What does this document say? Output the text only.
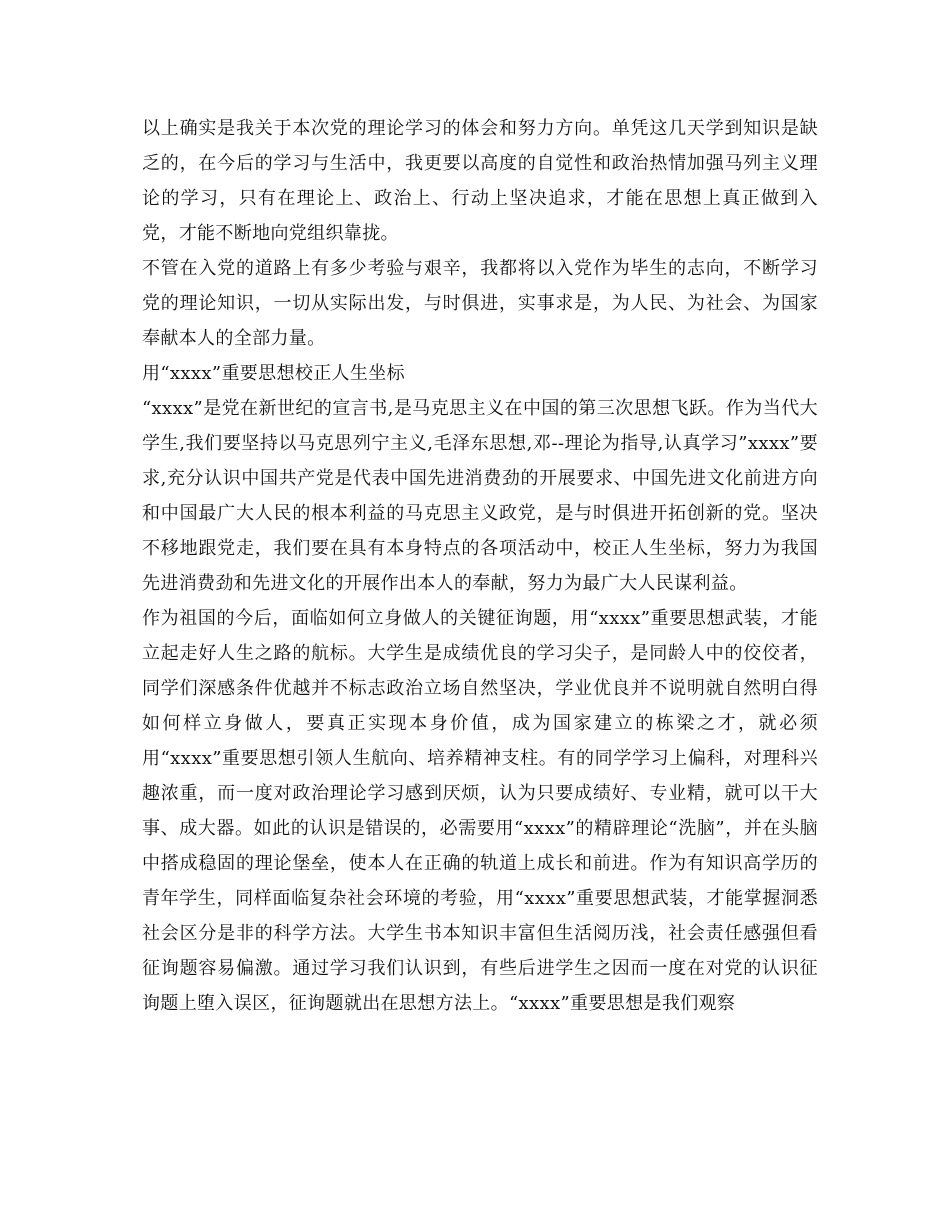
以上确实是我关于本次党的理论学习的体会和努力方向。单凭这几天学到知识是缺乏的，在今后的学习与生活中，我更要以高度的自觉性和政治热情加强马列主义理论的学习，只有在理论上、政治上、行动上坚决追求，才能在思想上真正做到入党，才能不断地向党组织靠拢。

不管在入党的道路上有多少考验与艰辛，我都将以入党作为毕生的志向，不断学习党的理论知识，一切从实际出发，与时俱进，实事求是，为人民、为社会、为国家奉献本人的全部力量。

用“xxxx”重要思想校正人生坐标

“xxxx”是党在新世纪的宣言书,是马克思主义在中国的第三次思想飞跃。作为当代大学生,我们要坚持以马克思列宁主义,毛泽东思想,邓--理论为指导,认真学习”xxxx”要求,充分认识中国共产党是代表中国先进消费劲的开展要求、中国先进文化前进方向和中国最广大人民的根本利益的马克思主义政党，是与时俱进开拓创新的党。坚决不移地跟党走，我们要在具有本身特点的各项活动中，校正人生坐标，努力为我国先进消费劲和先进文化的开展作出本人的奉献，努力为最广大人民谋利益。

作为祖国的今后，面临如何立身做人的关键征询题，用“xxxx”重要思想武装，才能立起走好人生之路的航标。大学生是成绩优良的学习尖子，是同龄人中的佼佼者，同学们深感条件优越并不标志政治立场自然坚决，学业优良并不说明就自然明白得如何样立身做人，要真正实现本身价值，成为国家建立的栋梁之才，就必须用“xxxx”重要思想引领人生航向、培养精神支柱。有的同学学习上偏科，对理科兴趣浓重，而一度对政治理论学习感到厌烦，认为只要成绩好、专业精，就可以干大事、成大器。如此的认识是错误的，必需要用“xxxx”的精辟理论“洗脑”，并在头脑中搭成稳固的理论堡垒，使本人在正确的轨道上成长和前进。作为有知识高学历的青年学生，同样面临复杂社会环境的考验，用“xxxx”重要思想武装，才能掌握洞悉社会区分是非的科学方法。大学生书本知识丰富但生活阅历浅，社会责任感强但看征询题容易偏激。通过学习我们认识到，有些后进学生之因而一度在对党的认识征询题上堕入误区，征询题就出在思想方法上。“xxxx”重要思想是我们观察
